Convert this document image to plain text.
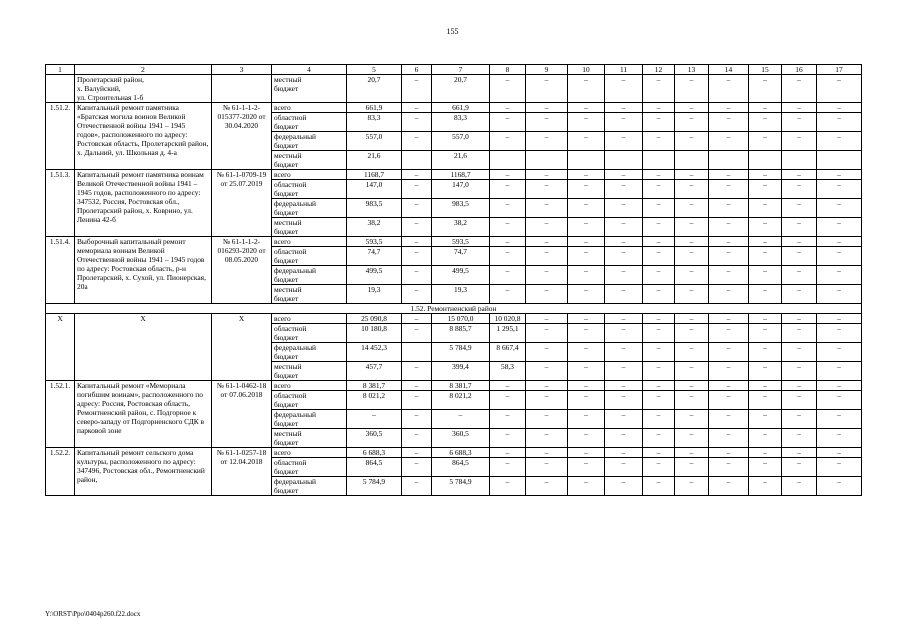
155
1	2	3	4	5	6	7	8	9	10	11	12	13	14	15	16	17
	Пролетарский район,
х. Валуйский,
ул. Строительная 1-б		местный
бюджет	20,7	–	20,7	–	–	–	–	–	–	–	–	–	–
1.51.2.	Капитальный ремонт памятника «Братская могила воинов Великой Отечественной войны 1941 – 1945 годов», расположенного по адресу: Ростовская область, Пролетарский район, х. Дальний, ул. Школьная д. 4-а	№ 61-1-1-2-015377-2020 от 30.04.2020	всего	661,9	–	661,9	–	–	–	–	–	–	–	–	–	–
			областной
бюджет	83,3	–	83,3	–	–	–	–	–	–	–	–	–	–
			федеральный
бюджет	557,0	–	557,0	–	–	–	–	–	–	–	–	–	–
			местный
бюджет	21,6		21,6										
1.51.3.	Капитальный ремонт памятника воинам Великой Отечественной войны 1941 – 1945 годов, расположенного по адресу: 347532, Россия, Ростовская обл., Пролетарский район, х. Коврино, ул. Ленина 42-б	№ 61-1-0709-19 от 25.07.2019	всего	1168,7	–	1168,7	–	–	–	–	–	–	–	–	–	–
			областной
бюджет	147,0	–	147,0	–	–	–	–	–	–	–	–	–	–
			федеральный
бюджет	983,5	–	983,5	–	–	–	–	–	–	–	–	–	–
			местный
бюджет	38,2	–	38,2	–	–	–	–	–	–	–	–	–	–
1.51.4.	Выборочный капитальный ремонт мемориала воинам Великой Отечественной войны 1941 – 1945 годов по адресу: Ростовская область, р-н Пролетарский, х. Сухой, ул. Пионерская, 20а	№ 61-1-1-2-016293-2020 от 08.05.2020	всего	593,5	–	593,5	–	–	–	–	–	–	–	–	–	–
			областной
бюджет	74,7	–	74,7	–	–	–	–	–	–	–	–	–	–
			федеральный
бюджет	499,5	–	499,5	–	–	–	–	–	–	–	–	–	–
			местный
бюджет	19,3	–	19,3	–	–	–	–	–	–	–	–	–	–
1.52. Ремонтненский район																
X	X	X	всего	25 090,8	–	15 070,0	10 020,8	–	–	–	–	–	–	–	–	–
			областной
бюджет	10 180,8	–	8 885,7	1 295,1	–	–	–	–	–	–	–	–	–
			федеральный
бюджет	14 452,3		5 784,9	8 667,4	–	–	–	–	–	–	–	–	–
			местный
бюджет	457,7	–	399,4	58,3	–	–	–	–	–	–	–	–	–
1.52.1.	Капитальный ремонт «Мемориала погибшим воинам», расположенного по адресу: Россия, Ростовская область, Ремонтненский район, с. Подгорное к северо-западу от Подгорненского СДК в парковой зоне	№ 61-1-0462-18 от 07.06.2018	всего	8 381,7	–	8 381,7	–	–	–	–	–	–	–	–	–	–
			областной
бюджет	8 021,2	–	8 021,2	–	–	–	–	–	–	–	–	–	–
			федеральный
бюджет	–	–	–	–	–	–	–	–	–	–	–	–	–
			местный
бюджет	360,5	–	360,5	–	–	–	–	–	–	–	–	–	–
1.52.2.	Капитальный ремонт сельского дома культуры, расположенного по адресу: 347496, Ростовская обл., Ремонтненский район,	№ 61-1-0257-18 от 12.04.2018	всего	6 688,3	–	6 688,3	–	–	–	–	–	–	–	–	–	–
			областной
бюджет	864,5	–	864,5	–	–	–	–	–	–	–	–	–	–
			федеральный
бюджет	5 784,9	–	5 784,9	–	–	–	–	–	–	–	–	–	–
Y:\ORST\Ppo\0404p260.f22.docx
